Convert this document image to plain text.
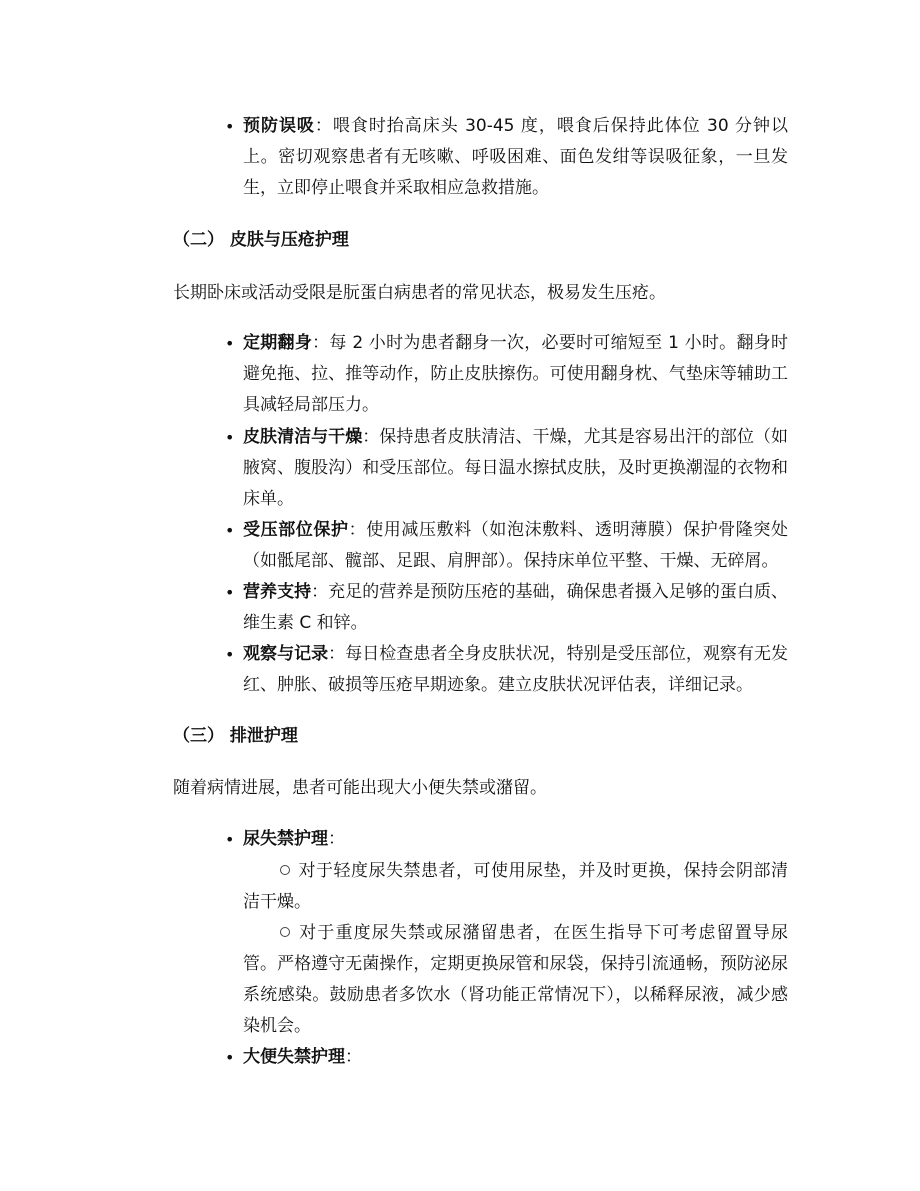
• 预防误吸：喂食时抬高床头 30-45 度，喂食后保持此体位 30 分钟以上。密切观察患者有无咳嗽、呼吸困难、面色发绀等误吸征象，一旦发生，立即停止喂食并采取相应急救措施。
（二） 皮肤与压疮护理
长期卧床或活动受限是朊蛋白病患者的常见状态，极易发生压疮。
• 定期翻身：每 2 小时为患者翻身一次，必要时可缩短至 1 小时。翻身时避免拖、拉、推等动作，防止皮肤擦伤。可使用翻身枕、气垫床等辅助工具减轻局部压力。
• 皮肤清洁与干燥：保持患者皮肤清洁、干燥，尤其是容易出汗的部位（如腋窝、腹股沟）和受压部位。每日温水擦拭皮肤，及时更换潮湿的衣物和床单。
• 受压部位保护：使用减压敷料（如泡沫敷料、透明薄膜）保护骨隆突处（如骶尾部、髋部、足跟、肩胛部）。保持床单位平整、干燥、无碎屑。
• 营养支持：充足的营养是预防压疮的基础，确保患者摄入足够的蛋白质、维生素 C 和锌。
• 观察与记录：每日检查患者全身皮肤状况，特别是受压部位，观察有无发红、肿胀、破损等压疮早期迹象。建立皮肤状况评估表，详细记录。
（三） 排泄护理
随着病情进展，患者可能出现大小便失禁或潴留。
• 尿失禁护理：
对于轻度尿失禁患者，可使用尿垫，并及时更换，保持会阴部清洁干燥。
对于重度尿失禁或尿潴留患者，在医生指导下可考虑留置导尿管。严格遵守无菌操作，定期更换尿管和尿袋，保持引流通畅，预防泌尿系统感染。鼓励患者多饮水（肾功能正常情况下），以稀释尿液，减少感染机会。
• 大便失禁护理：
